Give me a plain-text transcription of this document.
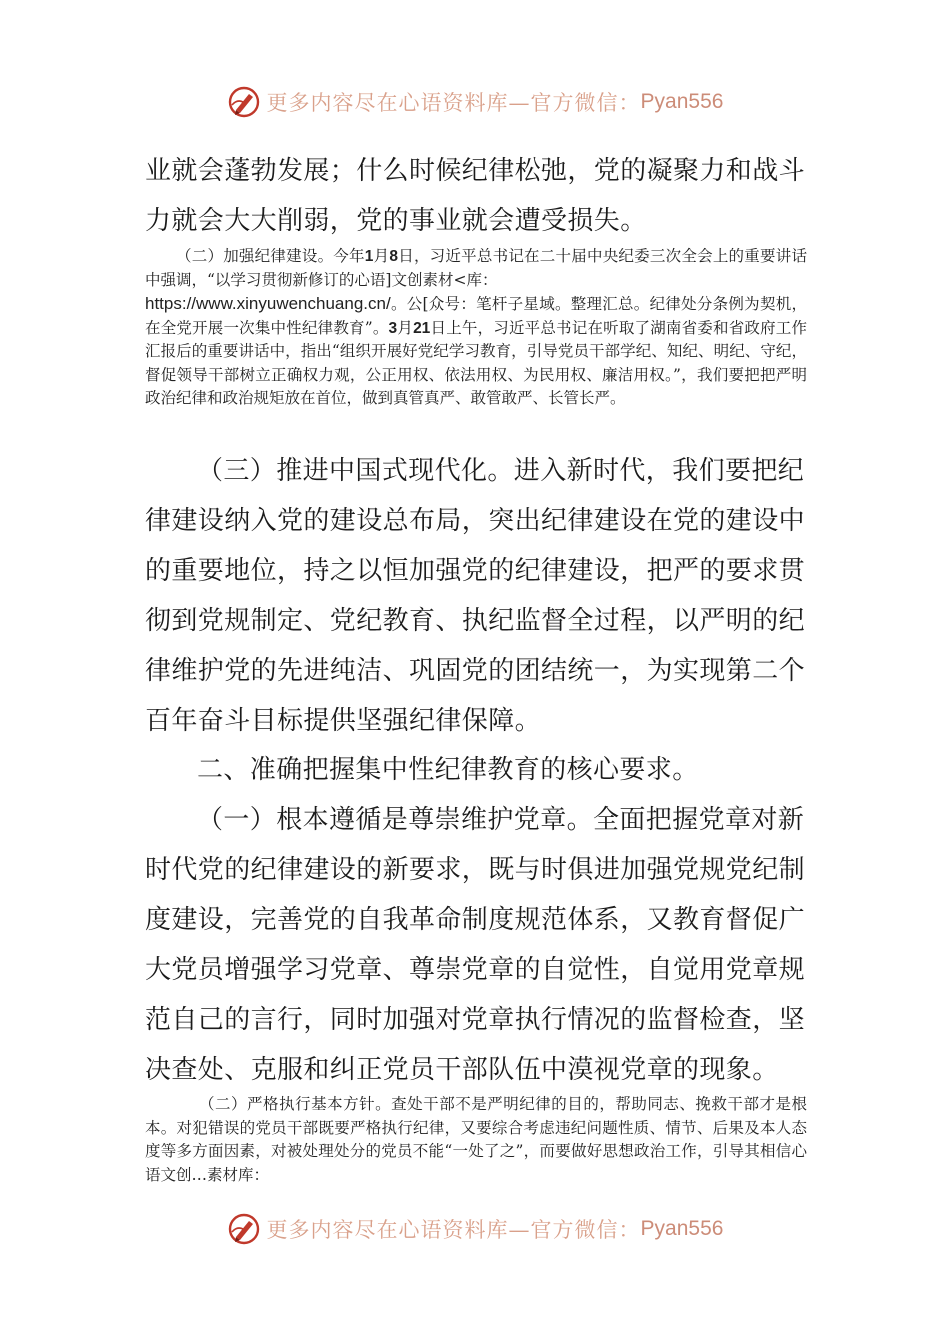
更多内容尽在心语资料库— 官方微信： Pyan556

业就会蓬勃发展；什么时候纪律松弛，党的凝聚力和战斗力就会大大削弱，党的事业就会遭受损失。

（二）加强纪律建设。今年1月8日，习近平总书记在二十届中央纪委三次全会上的重要讲话中强调，“以学习贯彻新修订的心语]文创素材<库：
https://www.xinyuwenchuang.cn/。公[众号：笔杆子星域。整理汇总。纪律处分条例为契机，在全党开展一次集中性纪律教育”。3月21日上午，习近平总书记在听取了湖南省委和省政府工作汇报后的重要讲话中，指出“组织开展好党纪学习教育，引导党员干部学纪、知纪、明纪、守纪，督促领导干部树立正确权力观，公正用权、依法用权、为民用权、廉洁用权。”，我们要把把严明政治纪律和政治规矩放在首位，做到真管真严、敢管敢严、长管长严。

（三）推进中国式现代化。进入新时代，我们要把纪律建设纳入党的建设总布局，突出纪律建设在党的建设中的重要地位，持之以恒加强党的纪律建设，把严的要求贯彻到党规制定、党纪教育、执纪监督全过程，以严明的纪律维护党的先进纯洁、巩固党的团结统一，为实现第二个百年奋斗目标提供坚强纪律保障。

二、准确把握集中性纪律教育的核心要求。

（一）根本遵循是尊崇维护党章。全面把握党章对新时代党的纪律建设的新要求，既与时俱进加强党规党纪制度建设，完善党的自我革命制度规范体系，又教育督促广大党员增强学习党章、尊崇党章的自觉性，自觉用党章规范自己的言行，同时加强对党章执行情况的监督检查，坚决查处、克服和纠正党员干部队伍中漠视党章的现象。

（二）严格执行基本方针。查处干部不是严明纪律的目的，帮助同志、挽救干部才是根本。对犯错误的党员干部既要严格执行纪律，又要综合考虑违纪问题性质、情节、后果及本人态度等多方面因素，对被处理处分的党员不能“一处了之”，而要做好思想政治工作，引导其相信心语文创…素材库：

更多内容尽在心语资料库— 官方微信： Pyan556
